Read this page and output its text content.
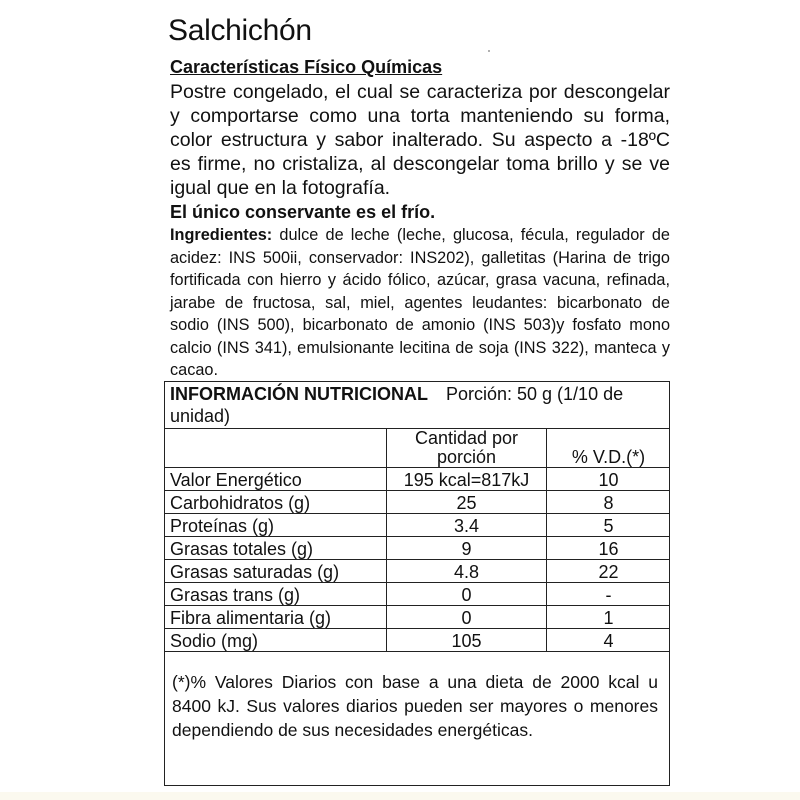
Salchichón
Características Físico Químicas
Postre congelado, el cual se caracteriza por descongelar y comportarse como una torta manteniendo su forma, color estructura y sabor inalterado. Su aspecto a -18ºC es firme, no cristaliza, al descongelar toma brillo y se ve igual que en la fotografía.
El único conservante es el frío.
Ingredientes: dulce de leche (leche, glucosa, fécula, regulador de acidez: INS 500ii, conservador: INS202), galletitas (Harina de trigo fortificada con hierro y ácido fólico, azúcar, grasa vacuna, refinada, jarabe de fructosa, sal, miel, agentes leudantes: bicarbonato de sodio (INS 500), bicarbonato de amonio (INS 503)y fosfato mono calcio (INS 341), emulsionante lecitina de soja (INS 322), manteca y cacao.
INFORMACIÓN NUTRICIONAL Porción: 50 g (1/10 de unidad)
	Cantidad por porción	% V.D.(*)
Valor Energético	195 kcal=817kJ	10
Carbohidratos (g)	25	8
Proteínas (g)	3.4	5
Grasas totales (g)	9	16
Grasas saturadas (g)	4.8	22
Grasas trans (g)	0	-
Fibra alimentaria (g)	0	1
Sodio (mg)	105	4
(*)% Valores Diarios con base a una dieta de 2000 kcal u 8400 kJ. Sus valores diarios pueden ser mayores o menores dependiendo de sus necesidades energéticas.
